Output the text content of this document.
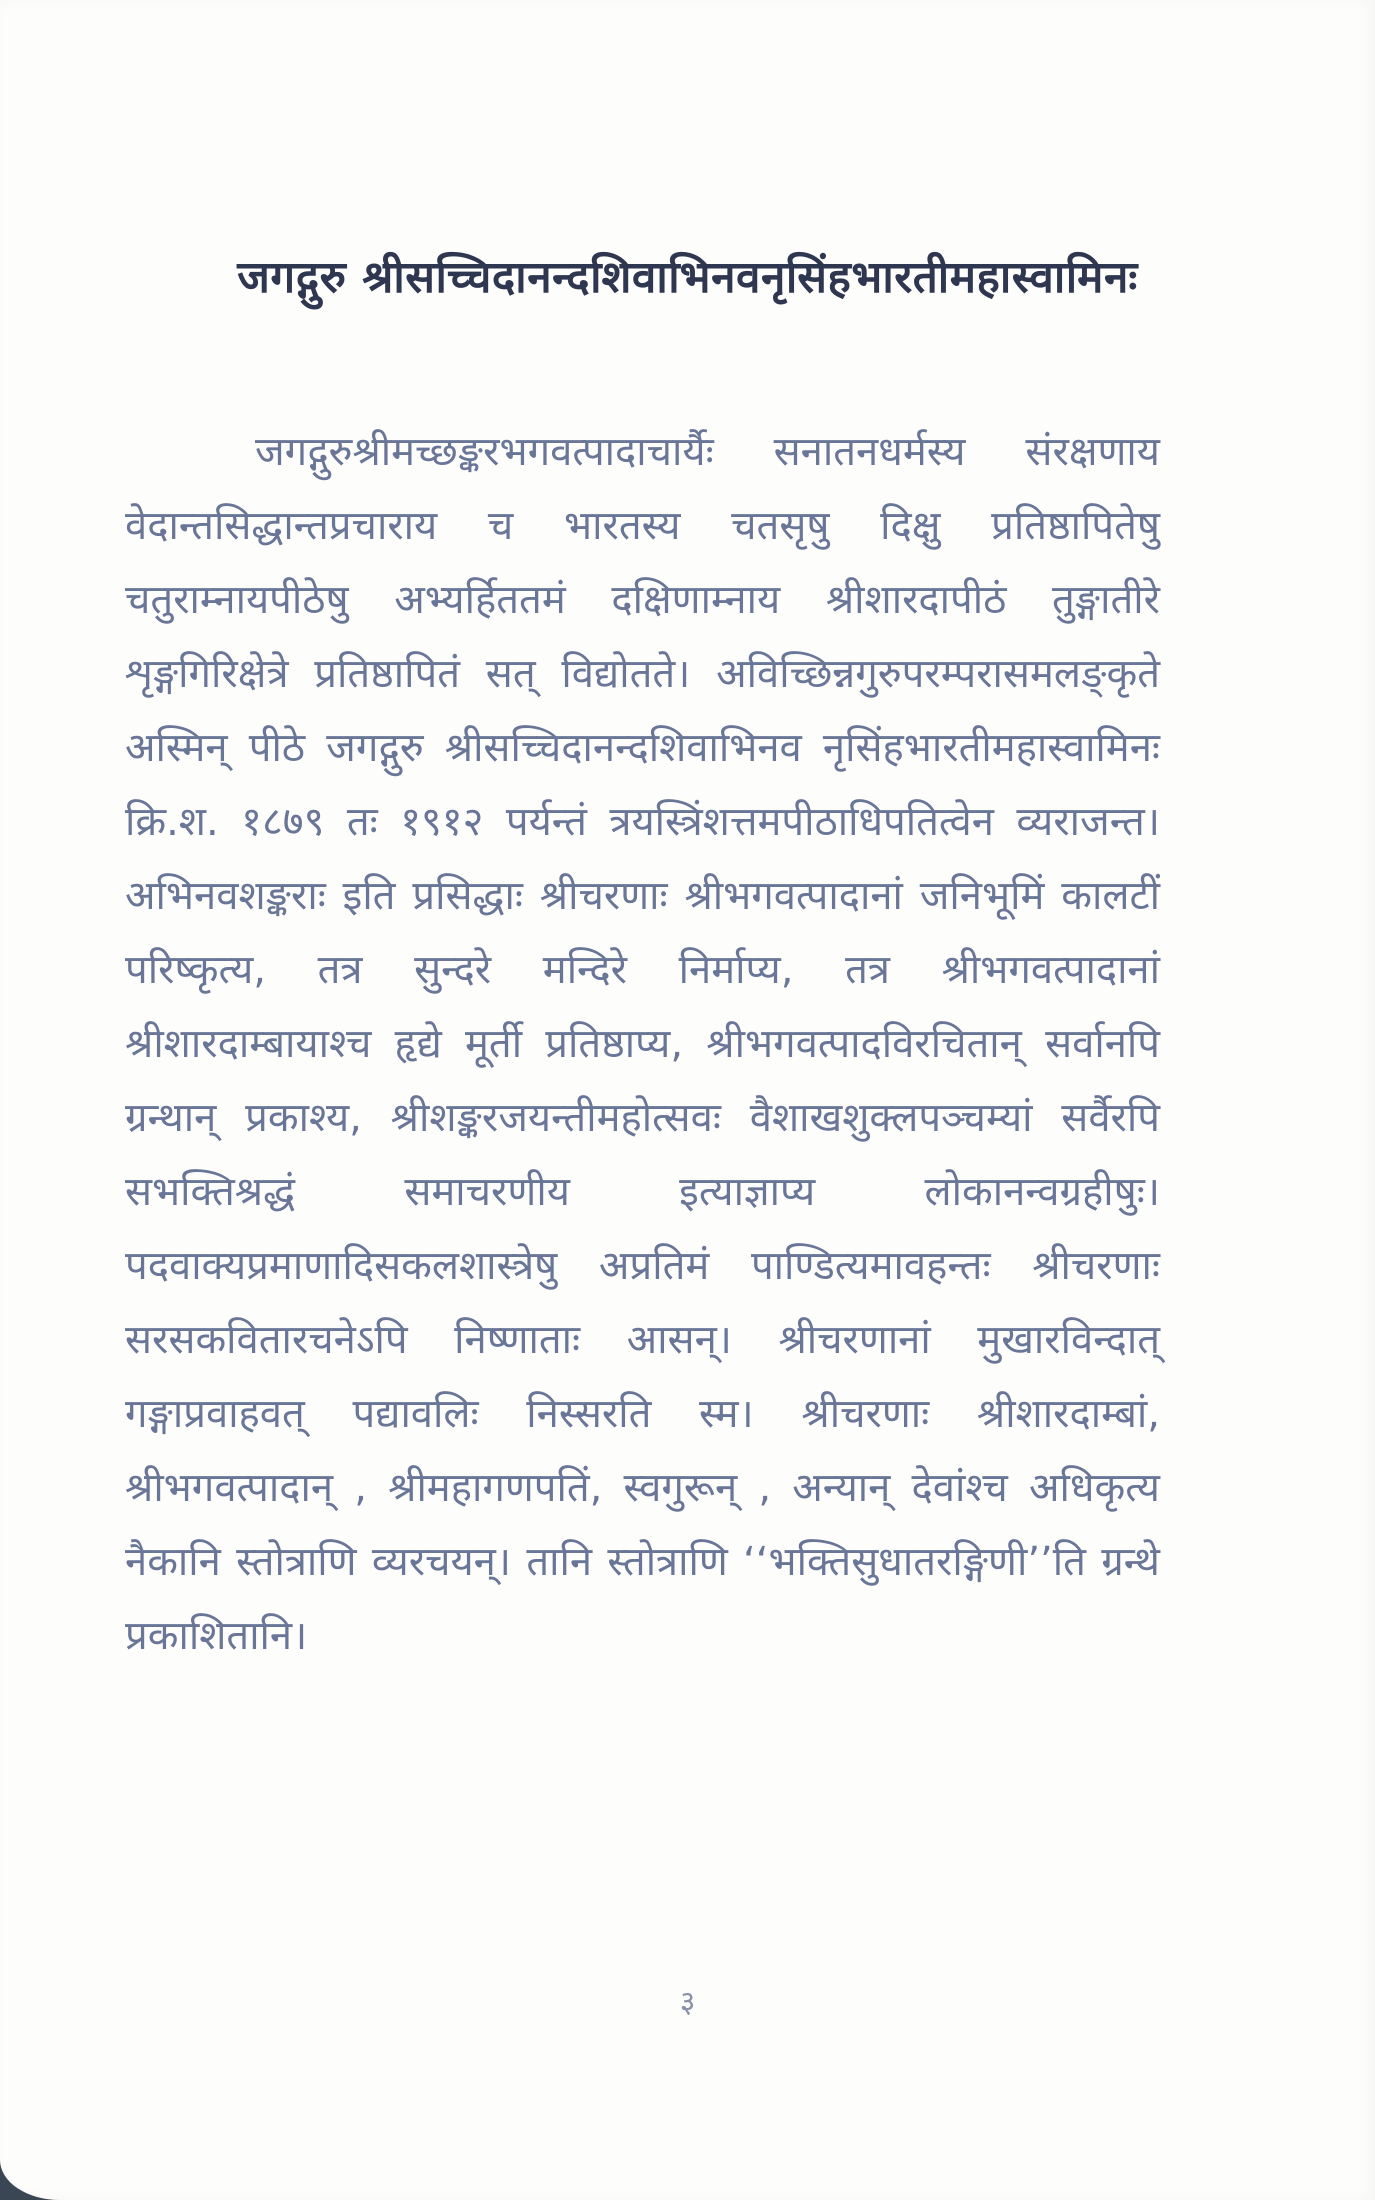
जगद्गुरु श्रीसच्चिदानन्दशिवाभिनवनृसिंहभारतीमहास्वामिनः

जगद्गुरुश्रीमच्छङ्करभगवत्पादाचार्यैः सनातनधर्मस्य संरक्षणाय वेदान्तसिद्धान्तप्रचाराय च भारतस्य चतसृषु दिक्षु प्रतिष्ठापितेषु चतुराम्नायपीठेषु अभ्यर्हिततमं दक्षिणाम्नाय श्रीशारदापीठं तुङ्गातीरे शृङ्गगिरिक्षेत्रे प्रतिष्ठापितं सत् विद्योतते। अविच्छिन्नगुरुपरम्परासमलङ्कृते अस्मिन् पीठे जगद्गुरु श्रीसच्चिदानन्दशिवाभिनव नृसिंहभारतीमहास्वामिनः क्रि.श. १८७९ तः १९१२ पर्यन्तं त्रयस्त्रिंशत्तमपीठाधिपतित्वेन व्यराजन्त। अभिनवशङ्कराः इति प्रसिद्धाः श्रीचरणाः श्रीभगवत्पादानां जनिभूमिं कालटीं परिष्कृत्य, तत्र सुन्दरे मन्दिरे निर्माप्य, तत्र श्रीभगवत्पादानां श्रीशारदाम्बायाश्च हृद्ये मूर्ती प्रतिष्ठाप्य, श्रीभगवत्पादविरचितान् सर्वानपि ग्रन्थान् प्रकाश्य, श्रीशङ्करजयन्तीमहोत्सवः वैशाखशुक्लपञ्चम्यां सर्वैरपि सभक्तिश्रद्धं समाचरणीय इत्याज्ञाप्य लोकानन्वग्रहीषुः। पदवाक्यप्रमाणादिसकलशास्त्रेषु अप्रतिमं पाण्डित्यमावहन्तः श्रीचरणाः सरसकवितारचनेऽपि निष्णाताः आसन्। श्रीचरणानां मुखारविन्दात् गङ्गाप्रवाहवत् पद्यावलिः निस्सरति स्म। श्रीचरणाः श्रीशारदाम्बां, श्रीभगवत्पादान् , श्रीमहागणपतिं, स्वगुरून् , अन्यान् देवांश्च अधिकृत्य नैकानि स्तोत्राणि व्यरचयन्। तानि स्तोत्राणि ‘‘भक्तिसुधातरङ्गिणी’’ति ग्रन्थे प्रकाशितानि।

३
